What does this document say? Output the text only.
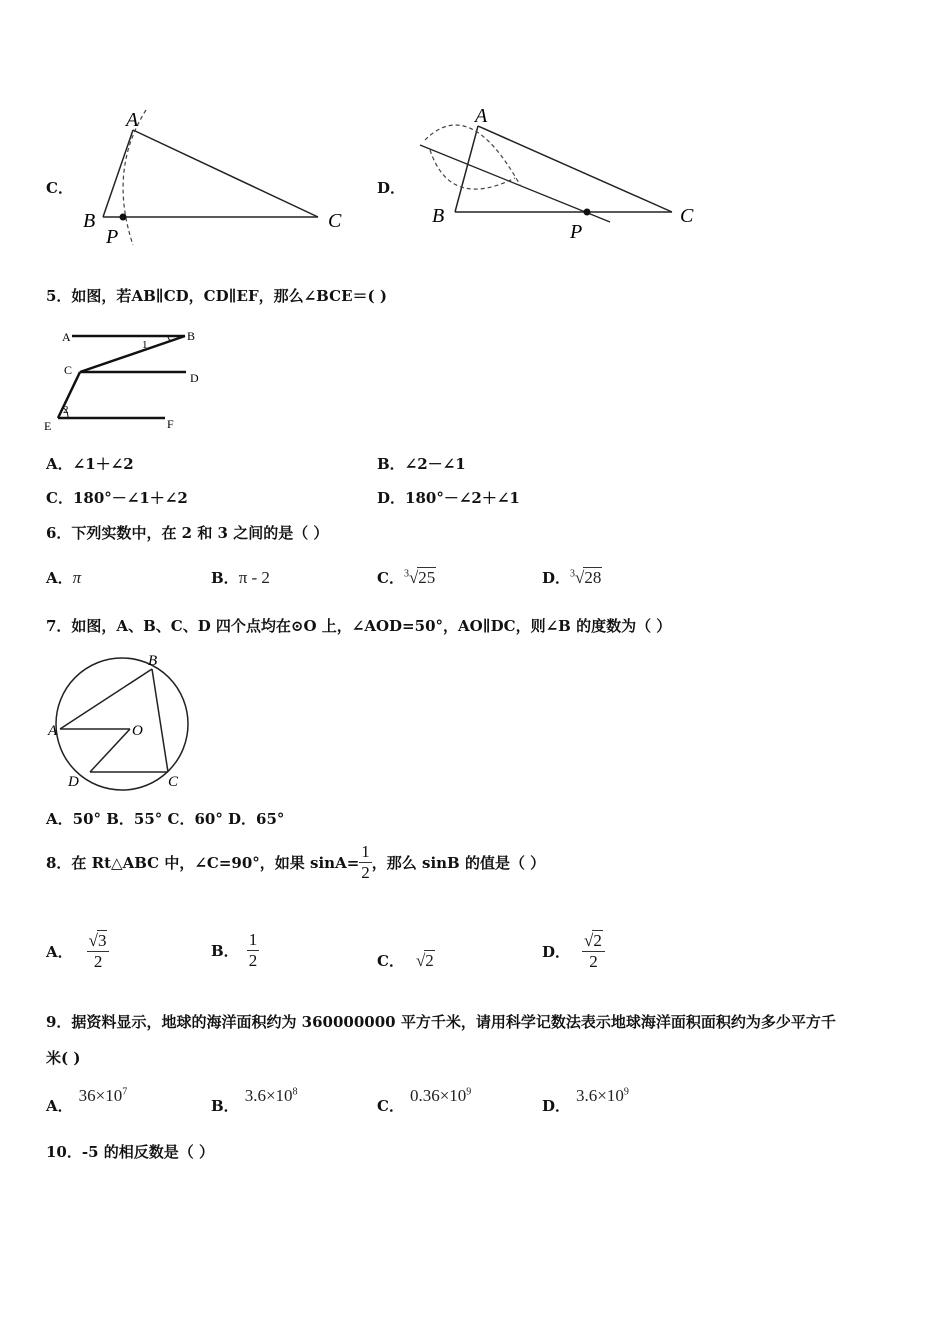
C．
A
B	C
P
D．
A
B	C
P
5．如图，若AB∥CD，CD∥EF，那么∠BCE＝( )
A	B
C
D
E	F
1
2
A．∠1＋∠2	B．∠2－∠1
C．180°－∠1＋∠2	D．180°－∠2＋∠1
6．下列实数中，在 2 和 3 之间的是（ ）
A．π	B．π - 2	C．$^3$√25	D．$^3$√28
7．如图，A、B、C、D 四个点均在⊙O 上，∠AOD=50°，AO∥DC，则∠B 的度数为（ ）
B
A	O
D	C
A．50° B．55° C．60° D．65°
8．在 Rt△ABC 中，∠C=90°，如果 $\sin A= \frac{1}{2}$ ，那么 sinB 的值是（ ）
A． $\frac{√3}{2}$	B． $\frac{1}{2}$	C． √2	D． $\frac{√2}{2}$
9．据资料显示，地球的海洋面积约为 360000000 平方千米，请用科学记数法表示地球海洋面积面积约为多少平方千
米( )
A．$36\times 10^7$
B．$3.6\times 10^8$
C．$0.36\times 10^9$
D．$3.6\times 10^9$
10．-5 的相反数是（ ）
